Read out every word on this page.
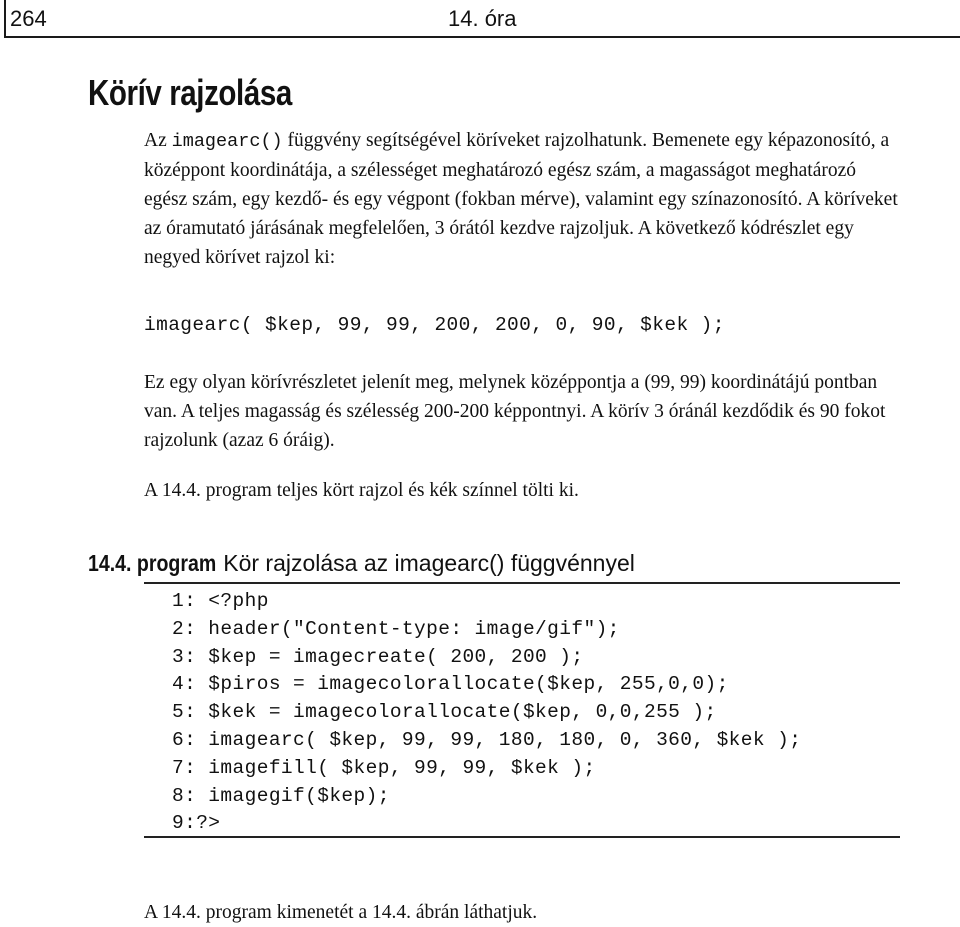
264	14. óra
Körív rajzolása

Az imagearc() függvény segítségével köríveket rajzolhatunk. Bemenete egy képazonosító, a középpont koordinátája, a szélességet meghatározó egész szám, a magasságot meghatározó egész szám, egy kezdő- és egy végpont (fokban mérve), valamint egy színazonosító. A köríveket az óramutató járásának megfelelően, 3 órától kezdve rajzoljuk. A következő kódrészlet egy negyed körívet rajzol ki:

imagearc( $kep, 99, 99, 200, 200, 0, 90, $kek );

Ez egy olyan körívrészletet jelenít meg, melynek középpontja a (99, 99) koordinátájú pontban van. A teljes magasság és szélesség 200-200 képpontnyi. A körív 3 óránál kezdődik és 90 fokot rajzolunk (azaz 6 óráig).

A 14.4. program teljes kört rajzol és kék színnel tölti ki.

14.4. program Kör rajzolása az imagearc() függvénnyel
1: <?php
2: header("Content-type: image/gif");
3: $kep = imagecreate( 200, 200 );
4: $piros = imagecolorallocate($kep, 255,0,0);
5: $kek = imagecolorallocate($kep, 0,0,255 );
6: imagearc( $kep, 99, 99, 180, 180, 0, 360, $kek );
7: imagefill( $kep, 99, 99, $kek );
8: imagegif($kep);
9:?>

A 14.4. program kimenetét a 14.4. ábrán láthatjuk.
